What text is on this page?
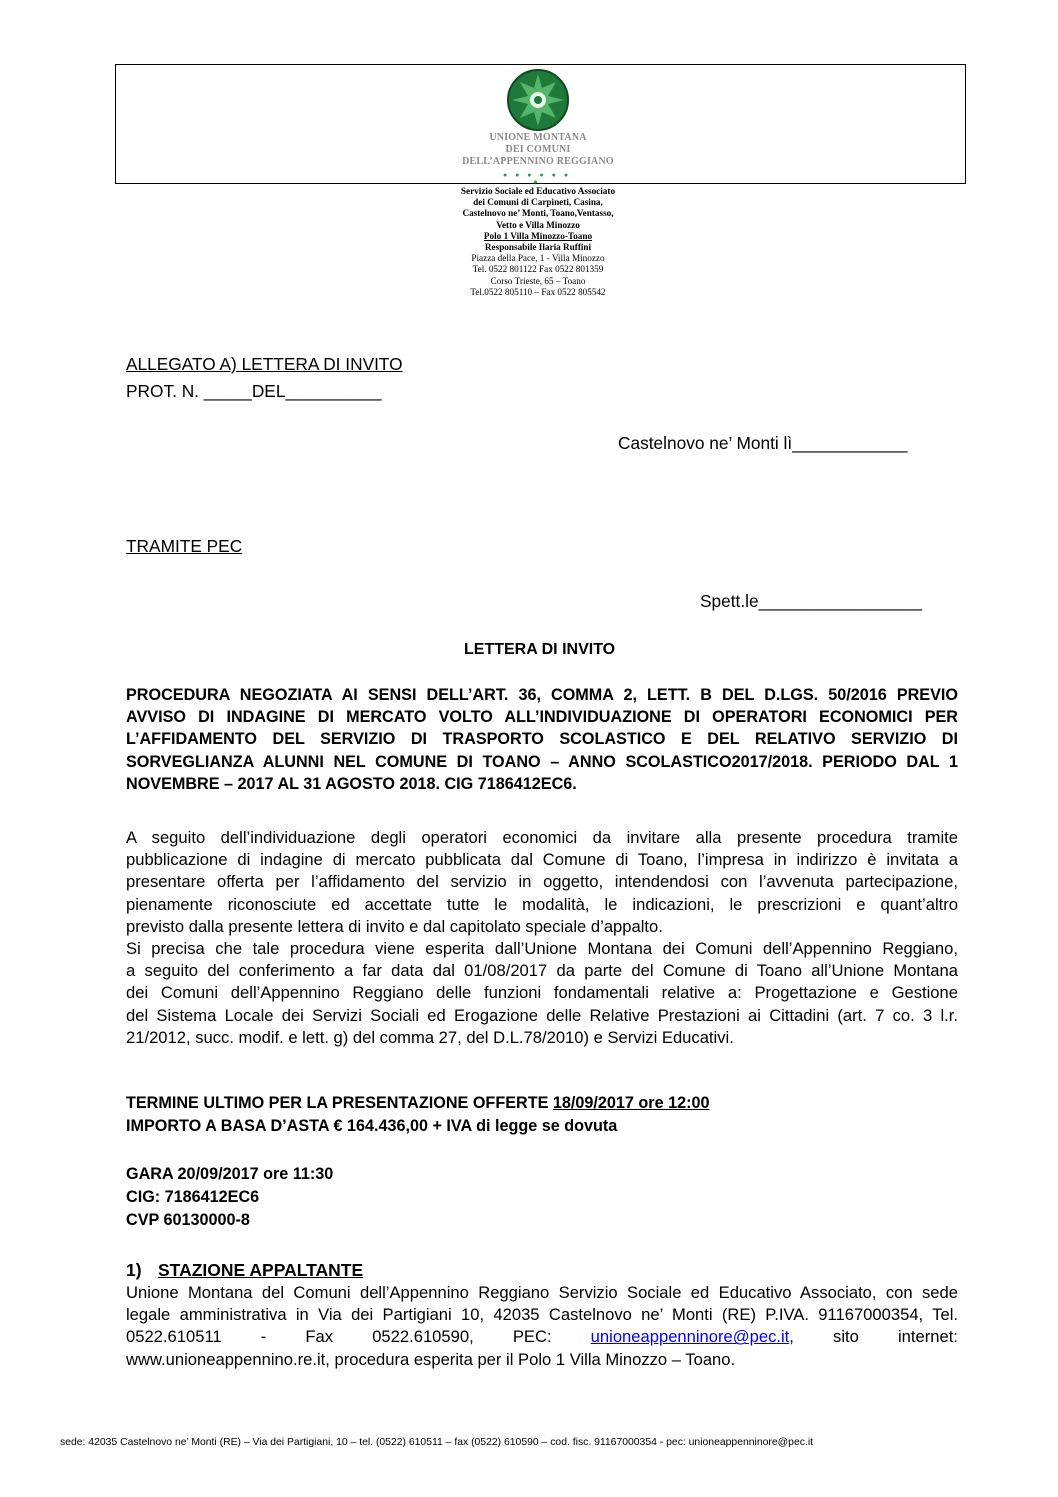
UNIONE MONTANA
DEI COMUNI
DELL’APPENNINO REGGIANO
● ● ● ● ● ● ●
Servizio Sociale ed Educativo Associato
dei Comuni di Carpineti, Casina,
Castelnovo ne’ Monti, Toano,Ventasso,
Vetto e Villa Minozzo
Polo 1 Villa Minozzo-Toano
Responsabile Ilaria Ruffini
Piazza della Pace, 1 - Villa Minozzo
Tel. 0522 801122 Fax 0522 801359
Corso Trieste, 65 – Toano
Tel.0522 805110 – Fax 0522 805542
ALLEGATO A) LETTERA DI INVITO
PROT. N. _____DEL__________
Castelnovo ne’ Monti lì____________
TRAMITE PEC
Spett.le_________________
LETTERA DI INVITO
PROCEDURA NEGOZIATA AI SENSI DELL’ART. 36, COMMA 2, LETT. B DEL D.LGS. 50/2016 PREVIO
AVVISO DI INDAGINE DI MERCATO VOLTO ALL’INDIVIDUAZIONE DI OPERATORI ECONOMICI PER
L’AFFIDAMENTO DEL SERVIZIO DI TRASPORTO SCOLASTICO E DEL RELATIVO SERVIZIO DI
SORVEGLIANZA ALUNNI NEL COMUNE DI TOANO – ANNO SCOLASTICO2017/2018. PERIODO DAL 1
NOVEMBRE – 2017 AL 31 AGOSTO 2018. CIG 7186412EC6.
A seguito dell’individuazione degli operatori economici da invitare alla presente procedura tramite
pubblicazione di indagine di mercato pubblicata dal Comune di Toano, l’impresa in indirizzo è invitata a
presentare offerta per l’affidamento del servizio in oggetto, intendendosi con l’avvenuta partecipazione,
pienamente riconosciute ed accettate tutte le modalità, le indicazioni, le prescrizioni e quant’altro
previsto dalla presente lettera di invito e dal capitolato speciale d’appalto.
Si precisa che tale procedura viene esperita dall’Unione Montana dei Comuni dell’Appennino Reggiano,
a seguito del conferimento a far data dal 01/08/2017 da parte del Comune di Toano all’Unione Montana
dei Comuni dell’Appennino Reggiano delle funzioni fondamentali relative a: Progettazione e Gestione
del Sistema Locale dei Servizi Sociali ed Erogazione delle Relative Prestazioni ai Cittadini (art. 7 co. 3 l.r.
21/2012, succ. modif. e lett. g) del comma 27, del D.L.78/2010) e Servizi Educativi.
TERMINE ULTIMO PER LA PRESENTAZIONE OFFERTE 18/09/2017 ore 12:00
IMPORTO A BASA D’ASTA € 164.436,00 + IVA di legge se dovuta
GARA 20/09/2017 ore 11:30
CIG: 7186412EC6
CVP 60130000-8
1) STAZIONE APPALTANTE
Unione Montana del Comuni dell’Appennino Reggiano Servizio Sociale ed Educativo Associato, con sede
legale amministrativa in Via dei Partigiani 10, 42035 Castelnovo ne’ Monti (RE) P.IVA. 91167000354, Tel.
0522.610511 - Fax 0522.610590, PEC: unioneappenninore@pec.it, sito internet:
www.unioneappennino.re.it, procedura esperita per il Polo 1 Villa Minozzo – Toano.
sede: 42035 Castelnovo ne’ Monti (RE) – Via dei Partigiani, 10 – tel. (0522) 610511 – fax (0522) 610590 – cod. fisc. 91167000354 - pec: unioneappenninore@pec.it
